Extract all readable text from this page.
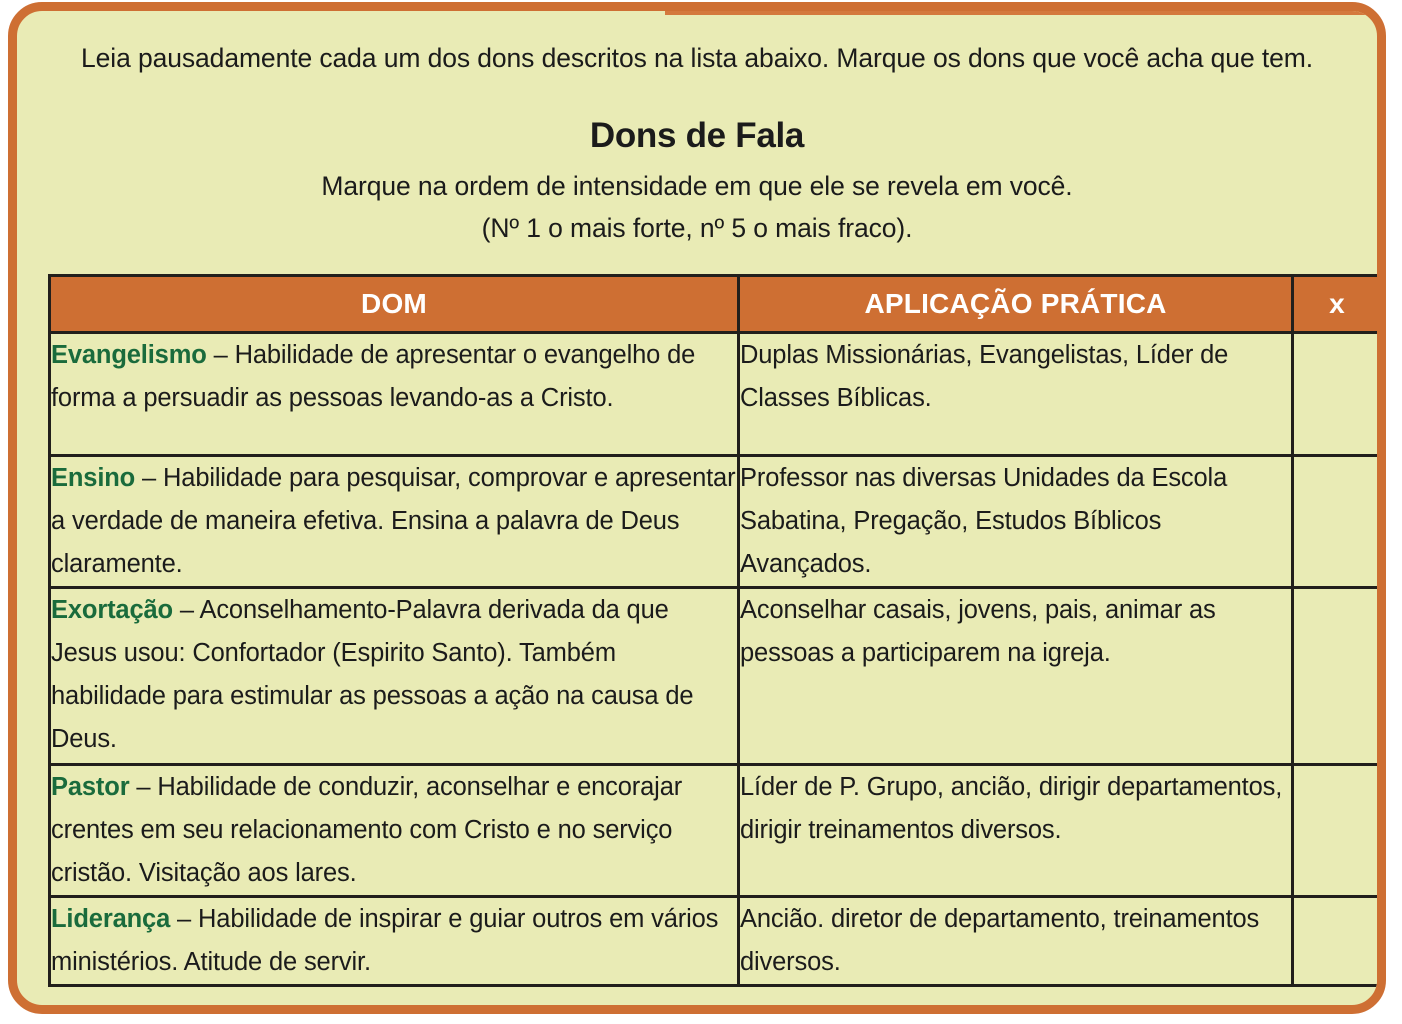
Leia pausadamente cada um dos dons descritos na lista abaixo. Marque os dons que você acha que tem.
Dons de Fala
Marque na ordem de intensidade em que ele se revela em você.
(Nº 1 o mais forte, nº 5 o mais fraco).
DOM	APLICAÇÃO PRÁTICA	x
Evangelismo – Habilidade de apresentar o evangelho de forma a persuadir as pessoas levando-as a Cristo.	Duplas Missionárias, Evangelistas, Líder de Classes Bíblicas.	
Ensino – Habilidade para pesquisar, comprovar e apresentar a verdade de maneira efetiva. Ensina a palavra de Deus claramente.	Professor nas diversas Unidades da Escola Sabatina, Pregação, Estudos Bíblicos Avançados.	
Exortação – Aconselhamento-Palavra derivada da que Jesus usou: Confortador (Espirito Santo). Também habilidade para estimular as pessoas a ação na causa de Deus.	Aconselhar casais, jovens, pais, animar as pessoas a participarem na igreja.	
Pastor – Habilidade de conduzir, aconselhar e encorajar crentes em seu relacionamento com Cristo e no serviço cristão. Visitação aos lares.	Líder de P. Grupo, ancião, dirigir departamentos, dirigir treinamentos diversos.	
Liderança – Habilidade de inspirar e guiar outros em vários ministérios. Atitude de servir.	Ancião. diretor de departamento, treinamentos diversos.	
